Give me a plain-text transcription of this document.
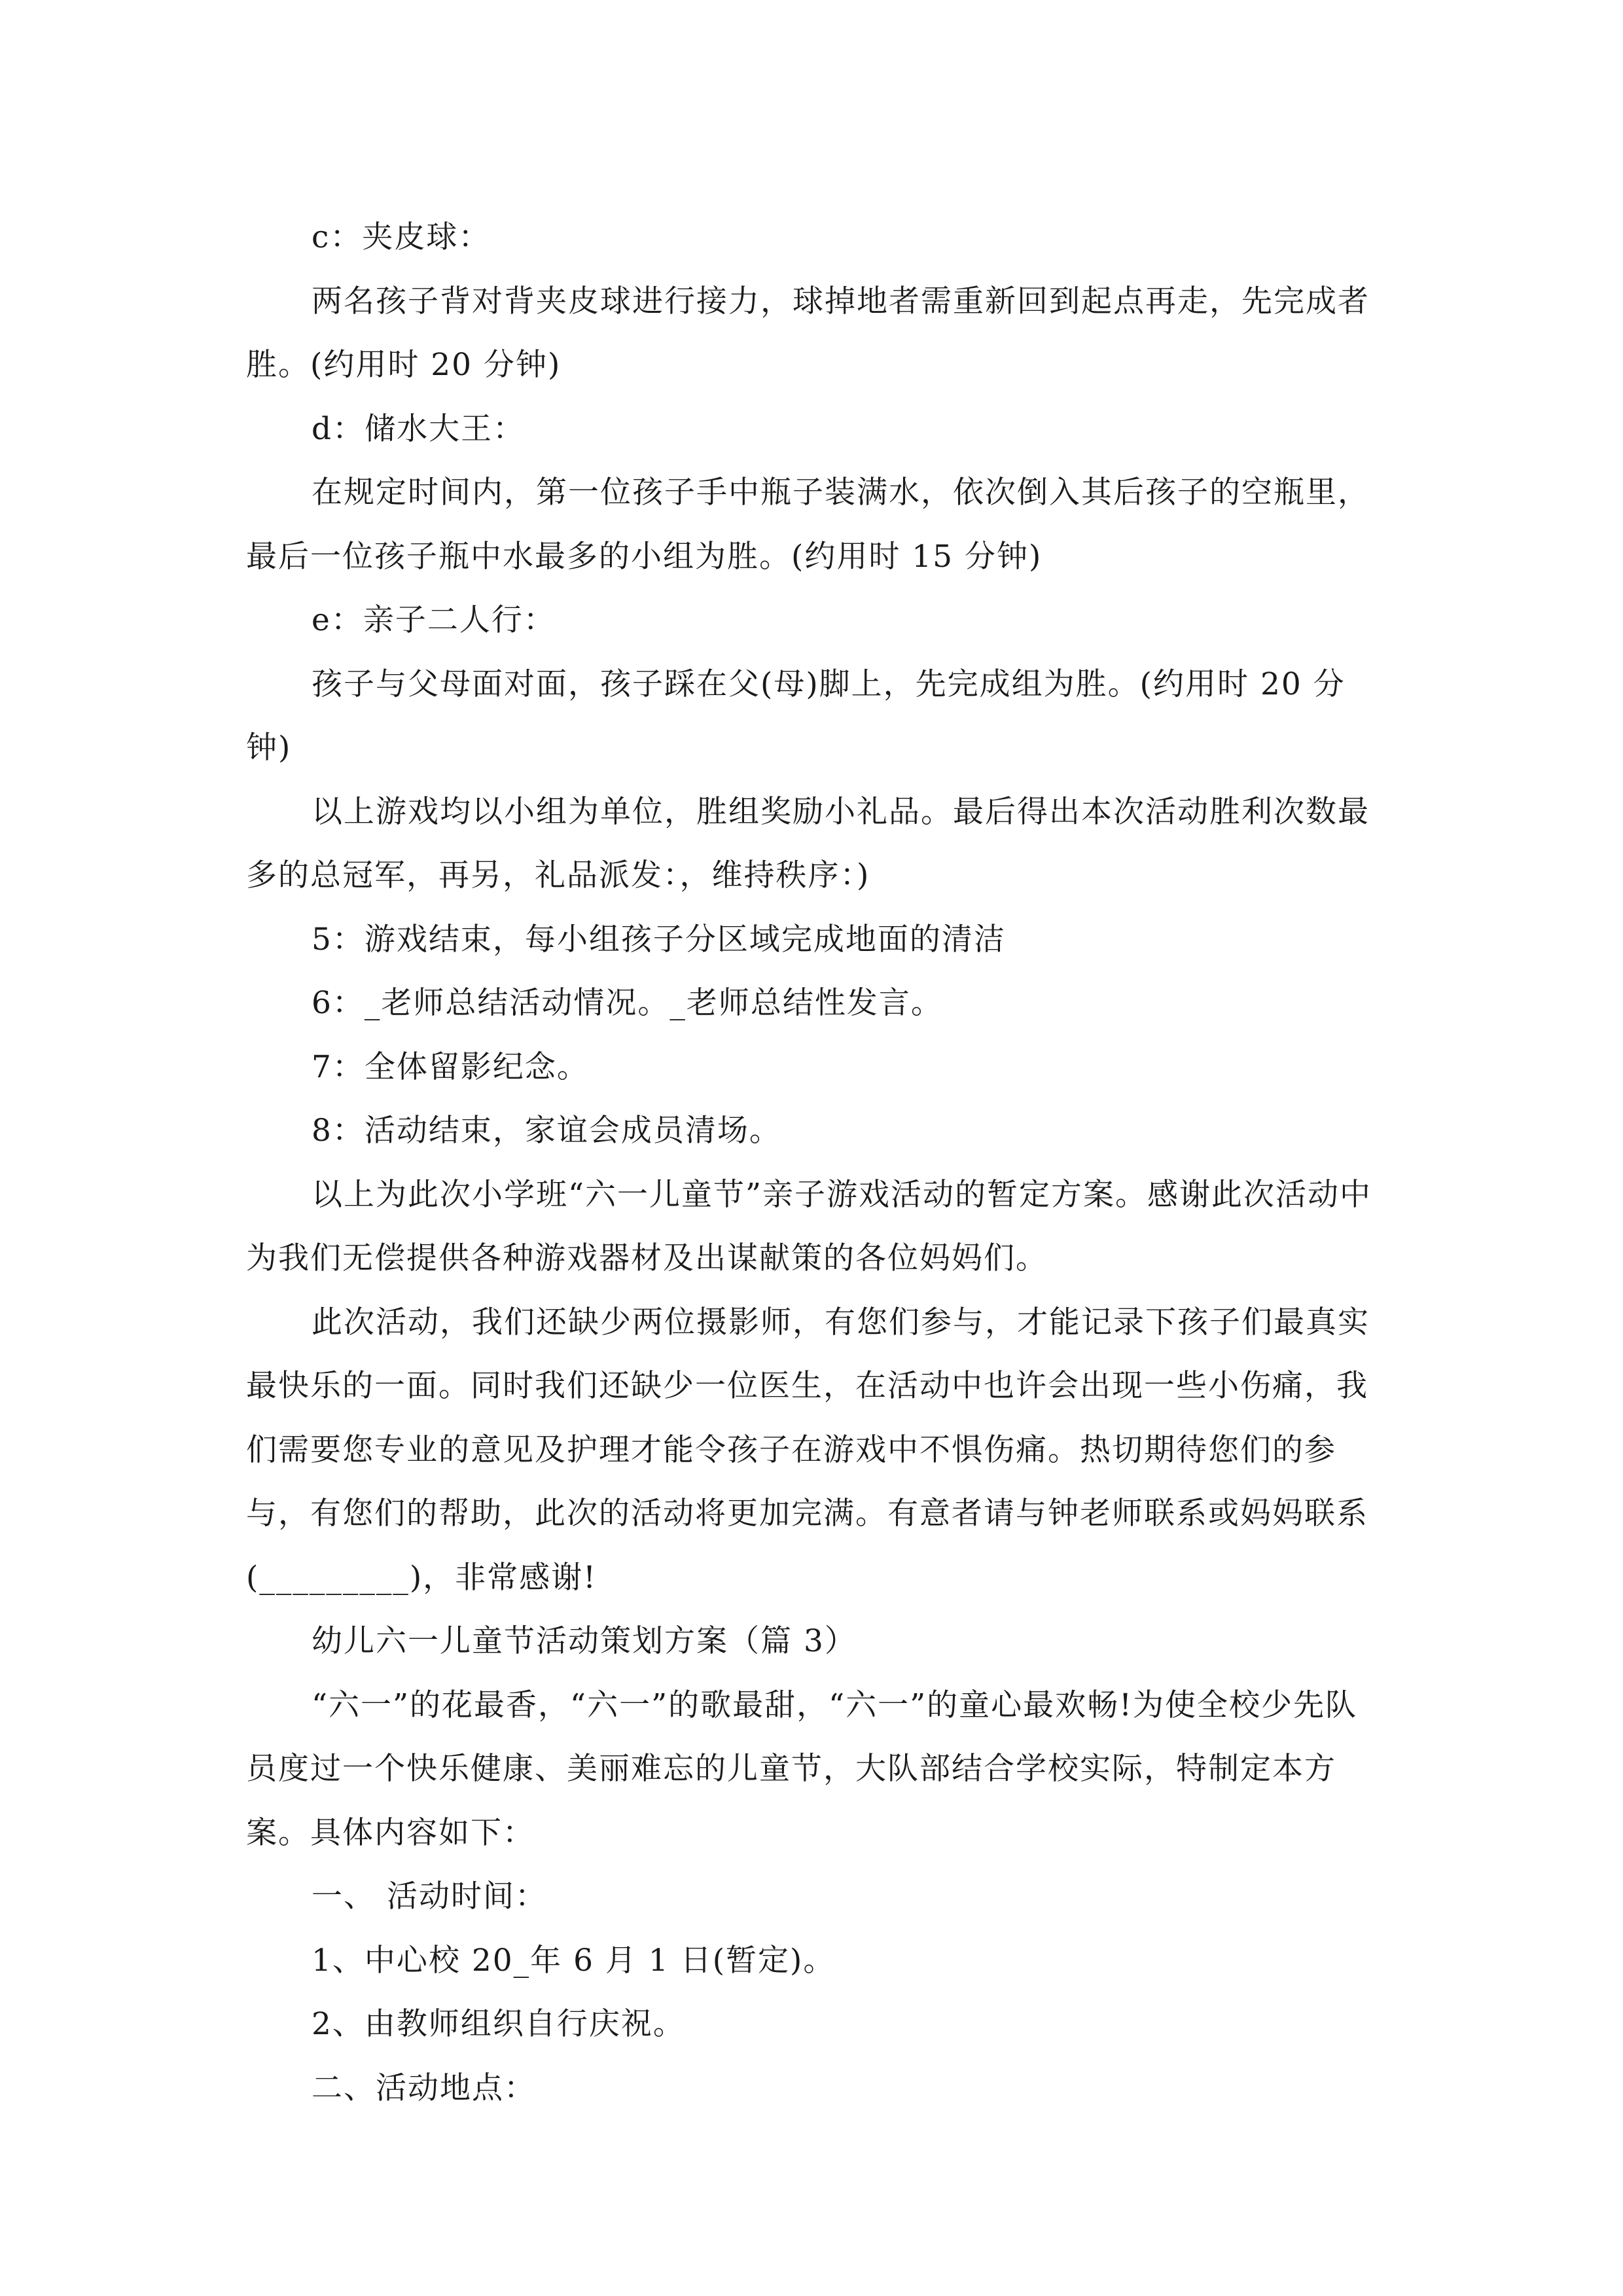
c：夹皮球：

两名孩子背对背夹皮球进行接力，球掉地者需重新回到起点再走，先完成者胜。(约用时 20 分钟)

d：储水大王：

在规定时间内，第一位孩子手中瓶子装满水，依次倒入其后孩子的空瓶里，最后一位孩子瓶中水最多的小组为胜。(约用时 15 分钟)

e：亲子二人行：

孩子与父母面对面，孩子踩在父(母)脚上，先完成组为胜。(约用时 20 分钟)

以上游戏均以小组为单位，胜组奖励小礼品。最后得出本次活动胜利次数最多的总冠军，再另，礼品派发：，维持秩序：)

5：游戏结束，每小组孩子分区域完成地面的清洁

6：_老师总结活动情况。_老师总结性发言。

7：全体留影纪念。

8：活动结束，家谊会成员清场。

以上为此次小学班“六一儿童节”亲子游戏活动的暂定方案。感谢此次活动中为我们无偿提供各种游戏器材及出谋献策的各位妈妈们。

此次活动，我们还缺少两位摄影师，有您们参与，才能记录下孩子们最真实最快乐的一面。同时我们还缺少一位医生，在活动中也许会出现一些小伤痛，我们需要您专业的意见及护理才能令孩子在游戏中不惧伤痛。热切期待您们的参与，有您们的帮助，此次的活动将更加完满。有意者请与钟老师联系或妈妈联系(_________)，非常感谢!

幼儿六一儿童节活动策划方案（篇 3）

“六一”的花最香，“六一”的歌最甜，“六一”的童心最欢畅!为使全校少先队员度过一个快乐健康、美丽难忘的儿童节，大队部结合学校实际，特制定本方案。具体内容如下：

一、 活动时间：

1、中心校 20_年 6 月 1 日(暂定)。

2、由教师组织自行庆祝。

二、活动地点：
